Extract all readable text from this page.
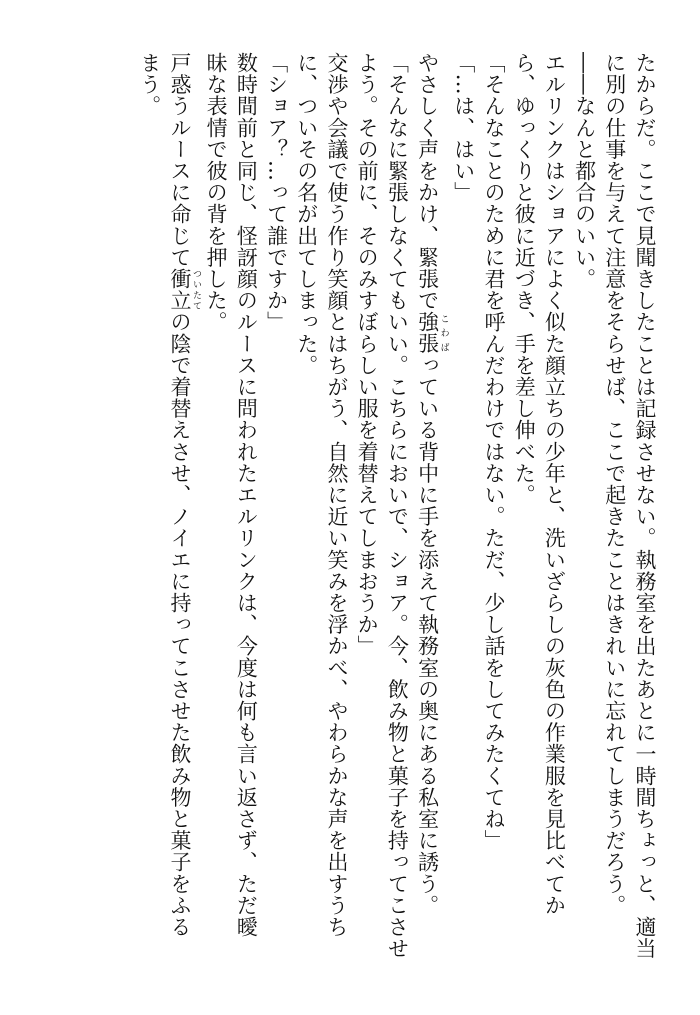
たからだ。ここで見聞きしたことは記録させない。執務室を出たあとに一時間ちょっと、適当
に別の仕事を与えて注意をそらせば、ここで起きたことはきれいに忘れてしまうだろう。
――なんと都合のいい。
エルリンクはショアによく似た顔立ちの少年と、洗いざらしの灰色の作業服を見比べてか
ら、ゆっくりと彼に近づき、手を差し伸べた。
「そんなことのために君を呼んだわけではない。ただ、少し話をしてみたくてね」
「…は、はい」
やさしく声をかけ、緊張で強張 こわばっている背中に手を添えて執務室の奥にある私室に誘う。
「そんなに緊張しなくてもいい。こちらにおいで、ショア。今、飲み物と菓子を持ってこさせ
よう。その前に、そのみすぼらしい服を着替えてしまおうか」
交渉や会議で使う作り笑顔とはちがう、自然に近い笑みを浮かべ、やわらかな声を出すうち
に、ついその名が出てしまった。
「ショア？…って誰ですか」
数時間前と同じ、怪訝顔のルースに問われたエルリンクは、今度は何も言い返さず、ただ曖
昧な表情で彼の背を押した。
戸惑うルースに命じて衝立 ついたての陰で着替えさせ、ノイエに持ってこさせた飲み物と菓子をふる
まう。
